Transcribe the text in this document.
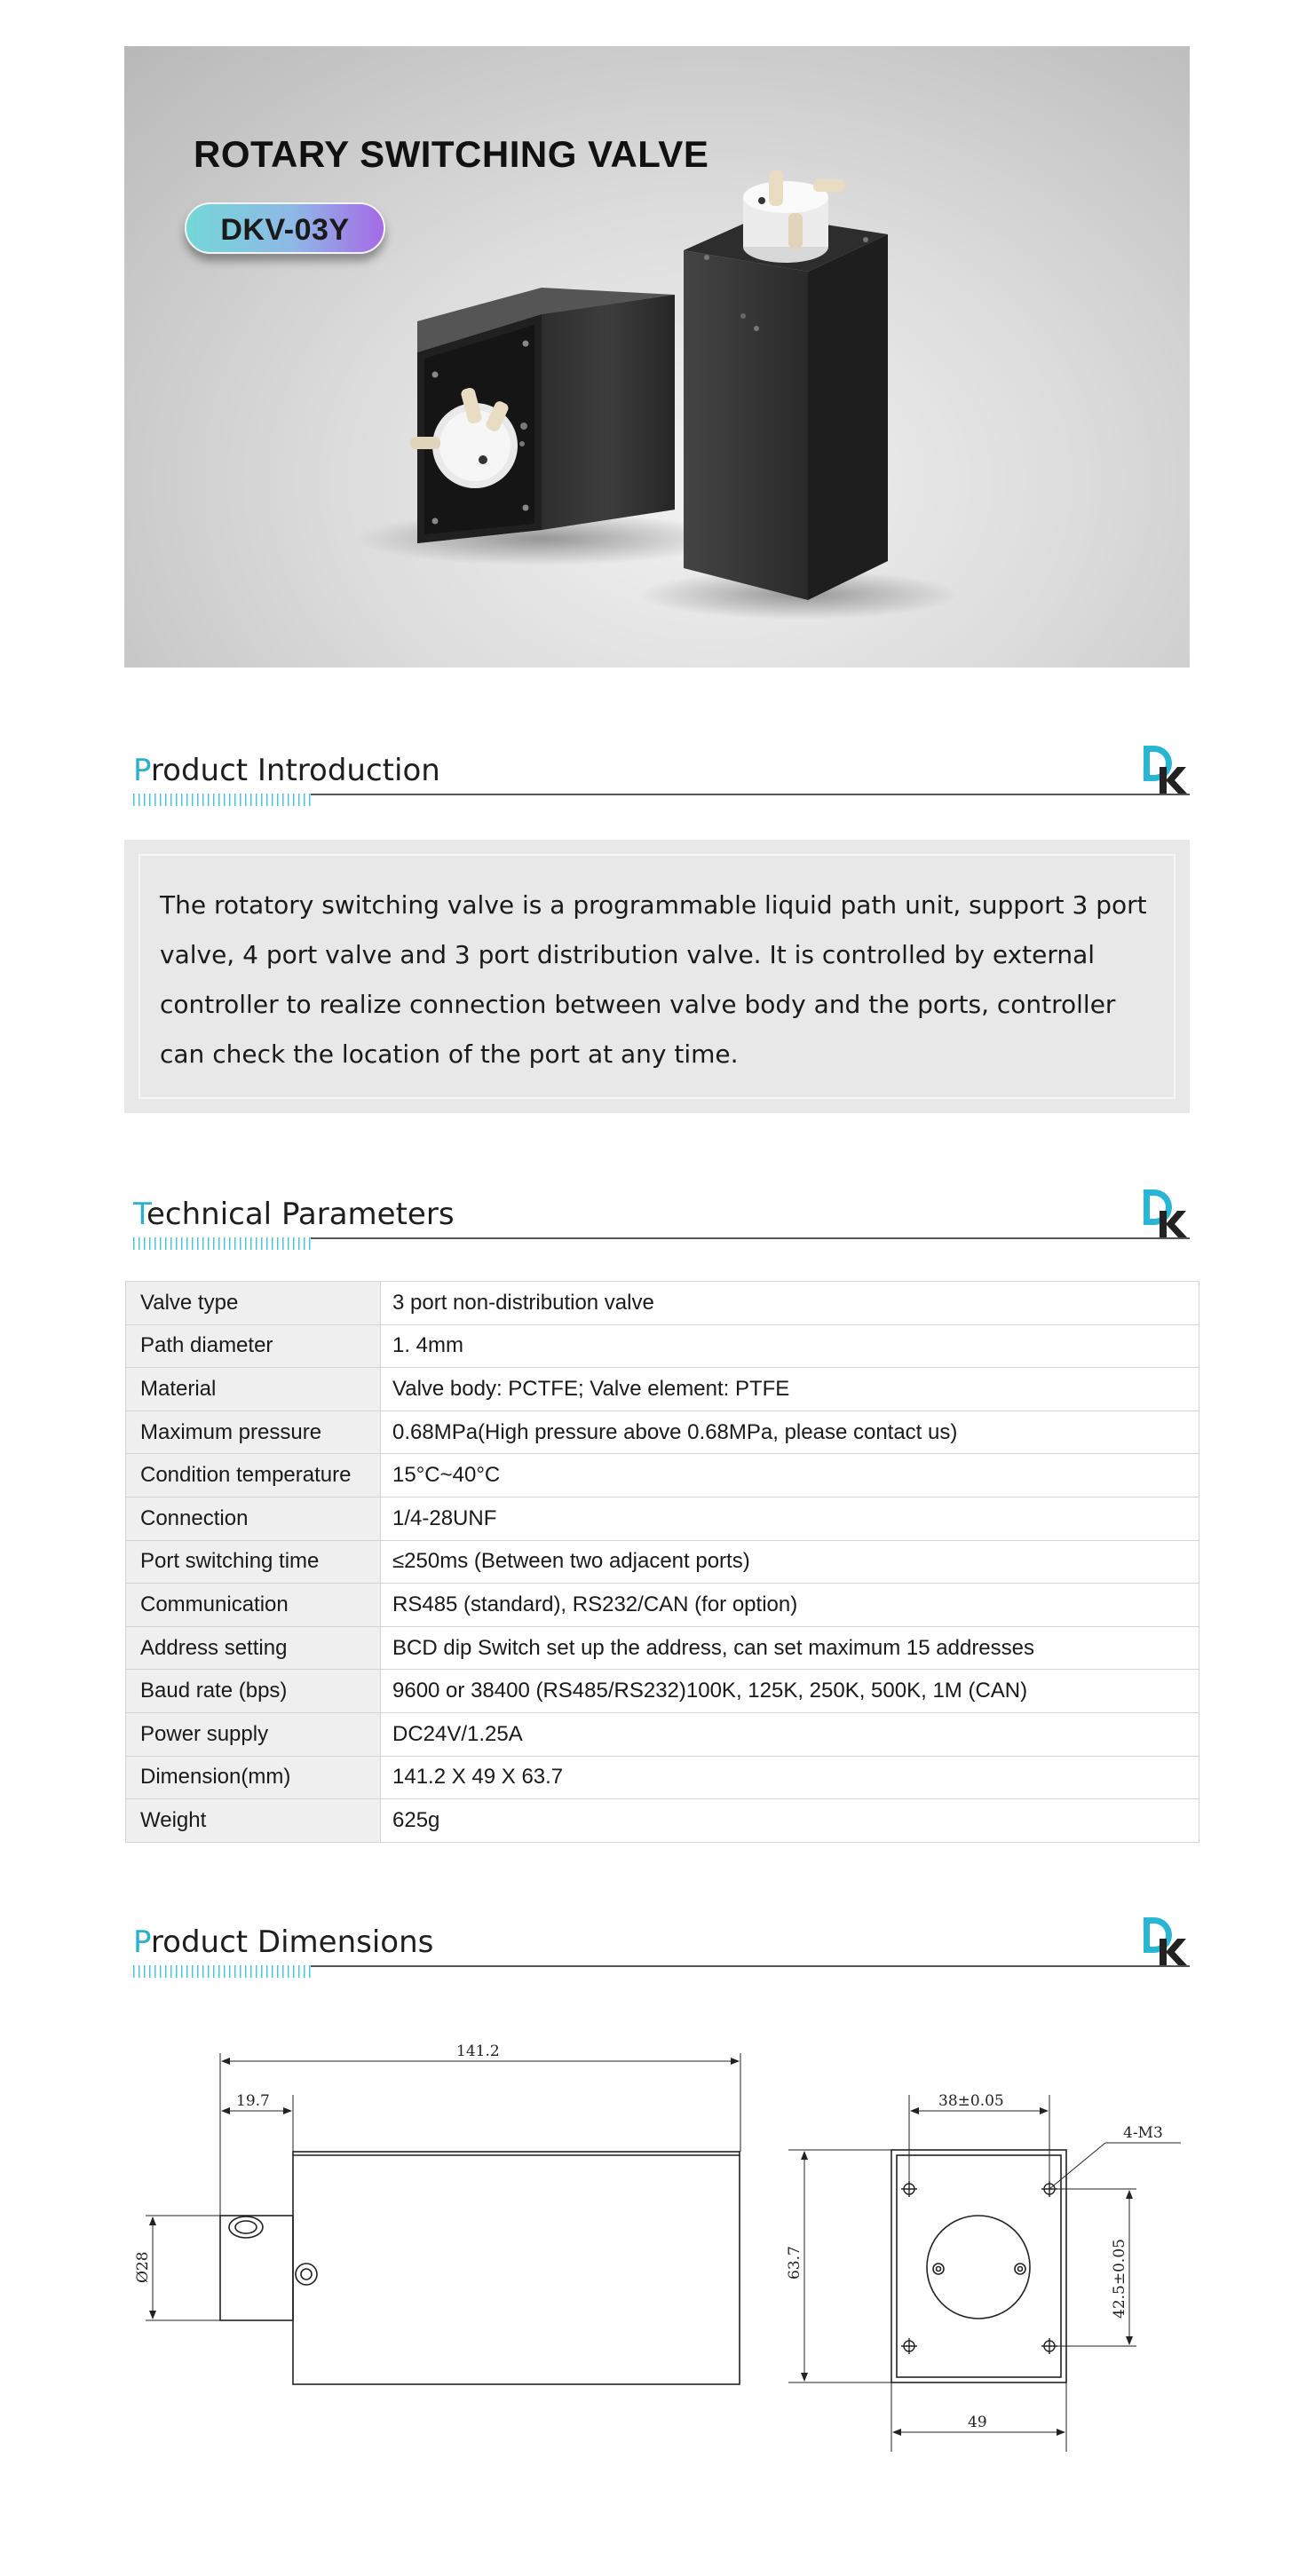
ROTARY SWITCHING VALVE
DKV-03Y
Product Introduction
The rotatory switching valve is a programmable liquid path unit, support 3 port valve, 4 port valve and 3 port distribution valve. It is controlled by external controller to realize connection between valve body and the ports, controller can check the location of the port at any time.
Technical Parameters
Valve type	3 port non-distribution valve
Path diameter	1. 4mm
Material	Valve body: PCTFE; Valve element: PTFE
Maximum pressure	0.68MPa(High pressure above 0.68MPa, please contact us)
Condition temperature	15°C~40°C
Connection	1/4-28UNF
Port switching time	≤250ms (Between two adjacent ports)
Communication	RS485 (standard), RS232/CAN (for option)
Address setting	BCD dip Switch set up the address, can set maximum 15 addresses
Baud rate (bps)	9600 or 38400 (RS485/RS232)100K, 125K, 250K, 500K, 1M (CAN)
Power supply	DC24V/1.25A
Dimension(mm)	141.2 X 49 X 63.7
Weight	625g
Product Dimensions
141.2
19.7
Ø28
38±0.05
4-M3
42.5±0.05
63.7
49
